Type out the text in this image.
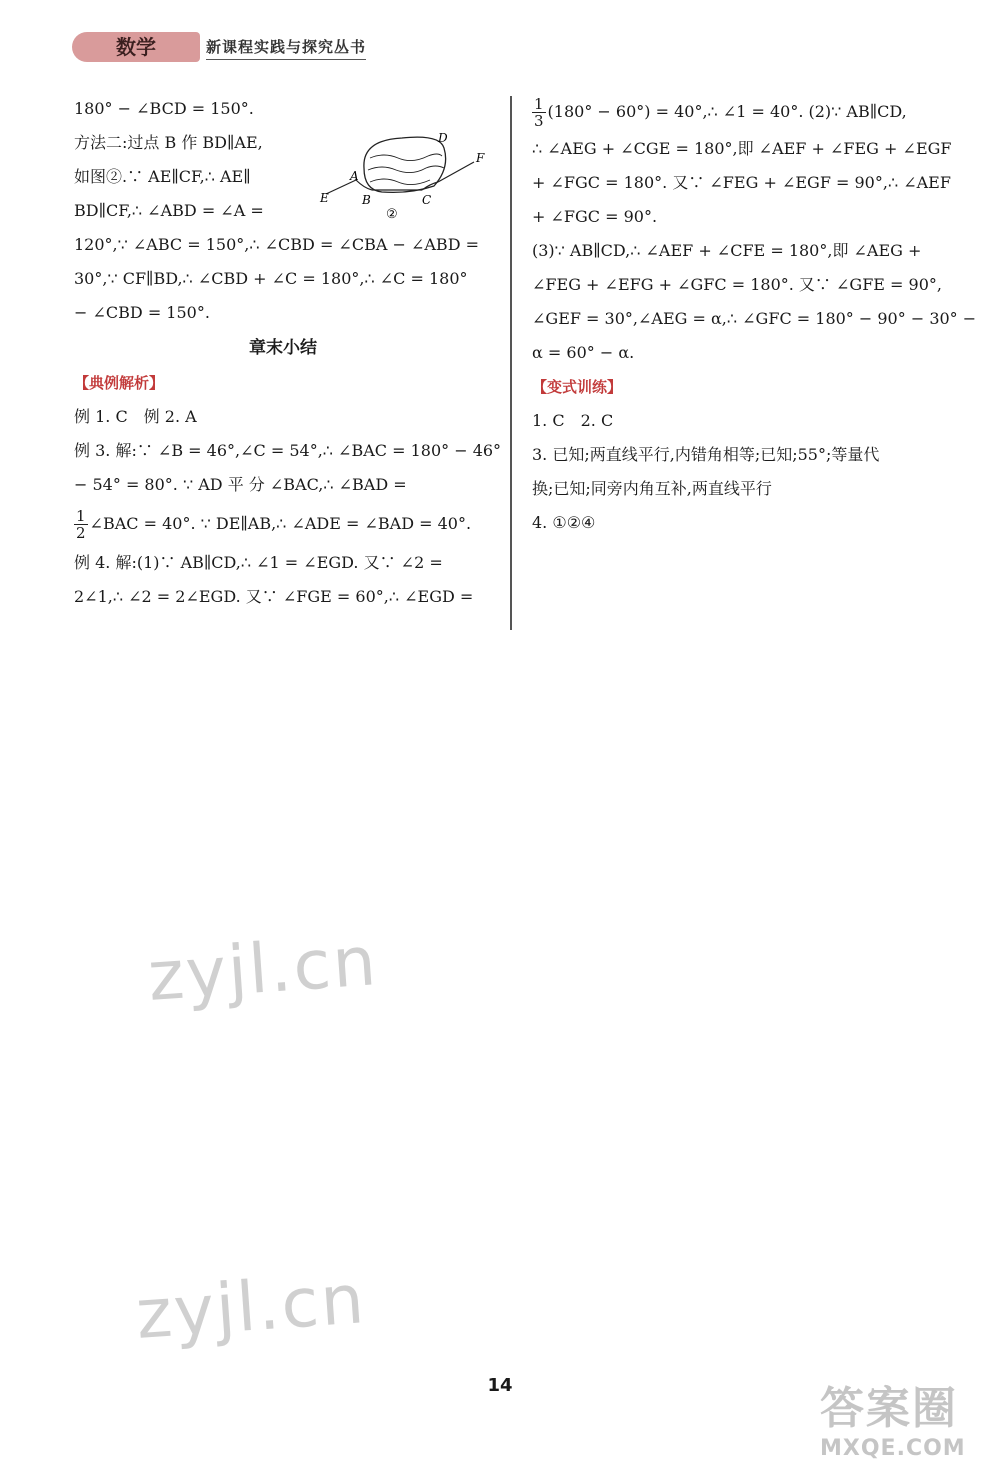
数学	新课程实践与探究丛书
180° − ∠BCD = 150°.
方法二:过点 B 作 BD∥AE,
如图②.∵ AE∥CF,∴ AE∥
BD∥CF,∴ ∠ABD = ∠A =
120°,∵ ∠ABC = 150°,∴ ∠CBD = ∠CBA − ∠ABD =
30°,∵ CF∥BD,∴ ∠CBD + ∠C = 180°,∴ ∠C = 180°
− ∠CBD = 150°.
章末小结
【典例解析】
例 1. C　例 2. A
例 3. 解:∵ ∠B = 46°,∠C = 54°,∴ ∠BAC = 180° − 46°
− 54° = 80°. ∵ AD 平 分 ∠BAC,∴ ∠BAD =
$\frac{1}{2}$ ∠BAC = 40°. ∵ DE∥AB,∴ ∠ADE = ∠BAD = 40°.
例 4. 解:(1)∵ AB∥CD,∴ ∠1 = ∠EGD. 又∵ ∠2 =
2∠1,∴ ∠2 = 2∠EGD. 又∵ ∠FGE = 60°,∴ ∠EGD =
D
F
A
E	B	C
②
$\frac{1}{3} (180^\circ - 60^\circ)$ = 40°,∴ ∠1 = 40°. (2)∵ AB∥CD,
∴ ∠AEG + ∠CGE = 180°,即 ∠AEF + ∠FEG + ∠EGF
+ ∠FGC = 180°. 又∵ ∠FEG + ∠EGF = 90°,∴ ∠AEF
+ ∠FGC = 90°.
(3)∵ AB∥CD,∴ ∠AEF + ∠CFE = 180°,即 ∠AEG +
∠FEG + ∠EFG + ∠GFC = 180°. 又∵ ∠GFE = 90°,
∠GEF = 30°,∠AEG = α,∴ ∠GFC = 180° − 90° − 30° −
α = 60° − α.
【变式训练】
1. C　2. C
3. 已知;两直线平行,内错角相等;已知;55°;等量代
换;已知;同旁内角互补,两直线平行
4. ①②④
zyjl.cn
zyjl.cn
14	答案圈
MXQE.COM
